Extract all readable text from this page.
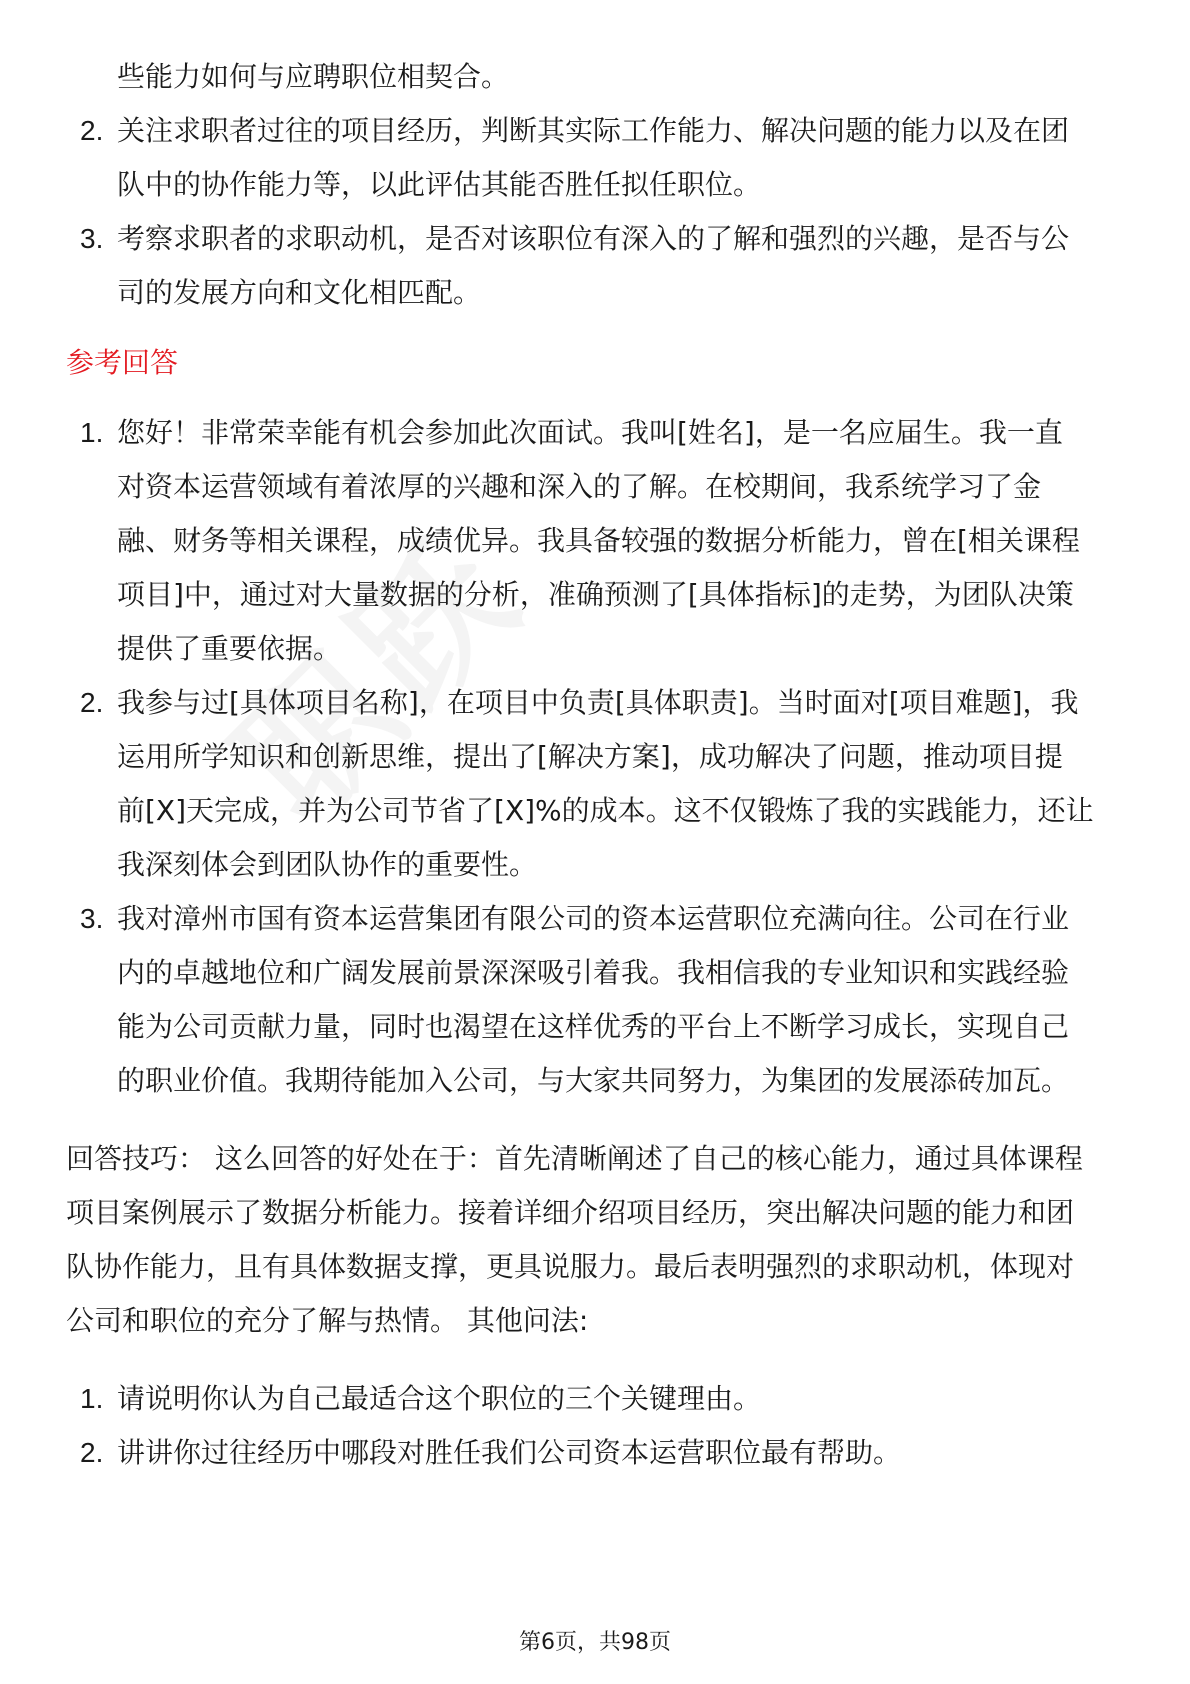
些能力如何与应聘职位相契合。
2. 关注求职者过往的项目经历，判断其实际工作能力、解决问题的能力以及在团
队中的协作能力等，以此评估其能否胜任拟任职位。
3. 考察求职者的求职动机，是否对该职位有深入的了解和强烈的兴趣，是否与公
司的发展方向和文化相匹配。
参考回答
1. 您好！非常荣幸能有机会参加此次面试。我叫[姓名]，是一名应届生。我一直
对资本运营领域有着浓厚的兴趣和深入的了解。在校期间，我系统学习了金
融、财务等相关课程，成绩优异。我具备较强的数据分析能力，曾在[相关课程
项目]中，通过对大量数据的分析，准确预测了[具体指标]的走势，为团队决策
提供了重要依据。
2. 我参与过[具体项目名称]，在项目中负责[具体职责]。当时面对[项目难题]，我
运用所学知识和创新思维，提出了[解决方案]，成功解决了问题，推动项目提
前[X]天完成，并为公司节省了[X]%的成本。这不仅锻炼了我的实践能力，还让
我深刻体会到团队协作的重要性。
3. 我对漳州市国有资本运营集团有限公司的资本运营职位充满向往。公司在行业
内的卓越地位和广阔发展前景深深吸引着我。我相信我的专业知识和实践经验
能为公司贡献力量，同时也渴望在这样优秀的平台上不断学习成长，实现自己
的职业价值。我期待能加入公司，与大家共同努力，为集团的发展添砖加瓦。
回答技巧： 这么回答的好处在于：首先清晰阐述了自己的核心能力，通过具体课程
项目案例展示了数据分析能力。接着详细介绍项目经历，突出解决问题的能力和团
队协作能力，且有具体数据支撑，更具说服力。最后表明强烈的求职动机，体现对
公司和职位的充分了解与热情。 其他问法:
1. 请说明你认为自己最适合这个职位的三个关键理由。
2. 讲讲你过往经历中哪段对胜任我们公司资本运营职位最有帮助。
第6页，共98页
